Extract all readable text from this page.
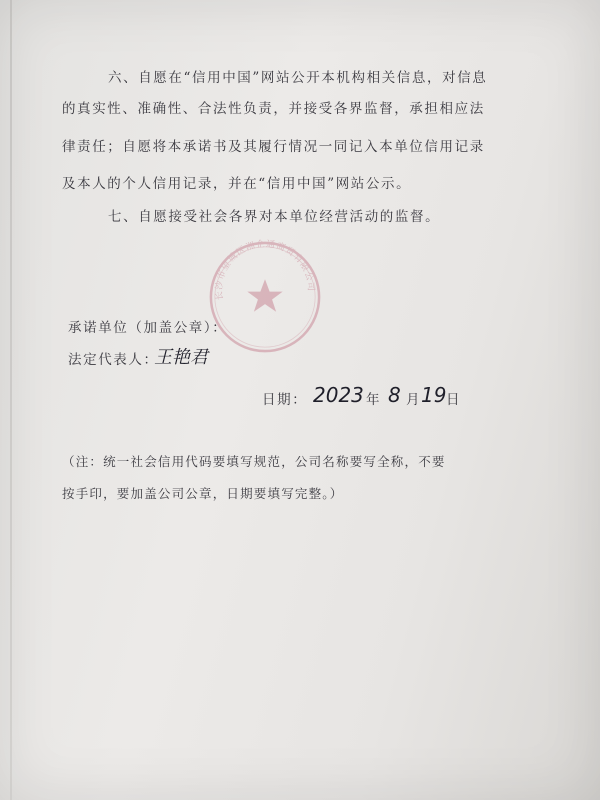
六、自愿在“信用中国”网站公开本机构相关信息，对信息
的真实性、准确性、合法性负责，并接受各界监督，承担相应法
律责任；自愿将本承诺书及其履行情况一同记入本单位信用记录
及本人的个人信用记录，并在“信用中国”网站公示。
七、自愿接受社会各界对本单位经营活动的监督。
长沙市望城区湘企通商贸有限公司
承诺单位（加盖公章）：
法定代表人：
王艳君
日期： 2023 年 8 月 19 日
（注：统一社会信用代码要填写规范，公司名称要写全称，不要
按手印，要加盖公司公章，日期要填写完整。）
